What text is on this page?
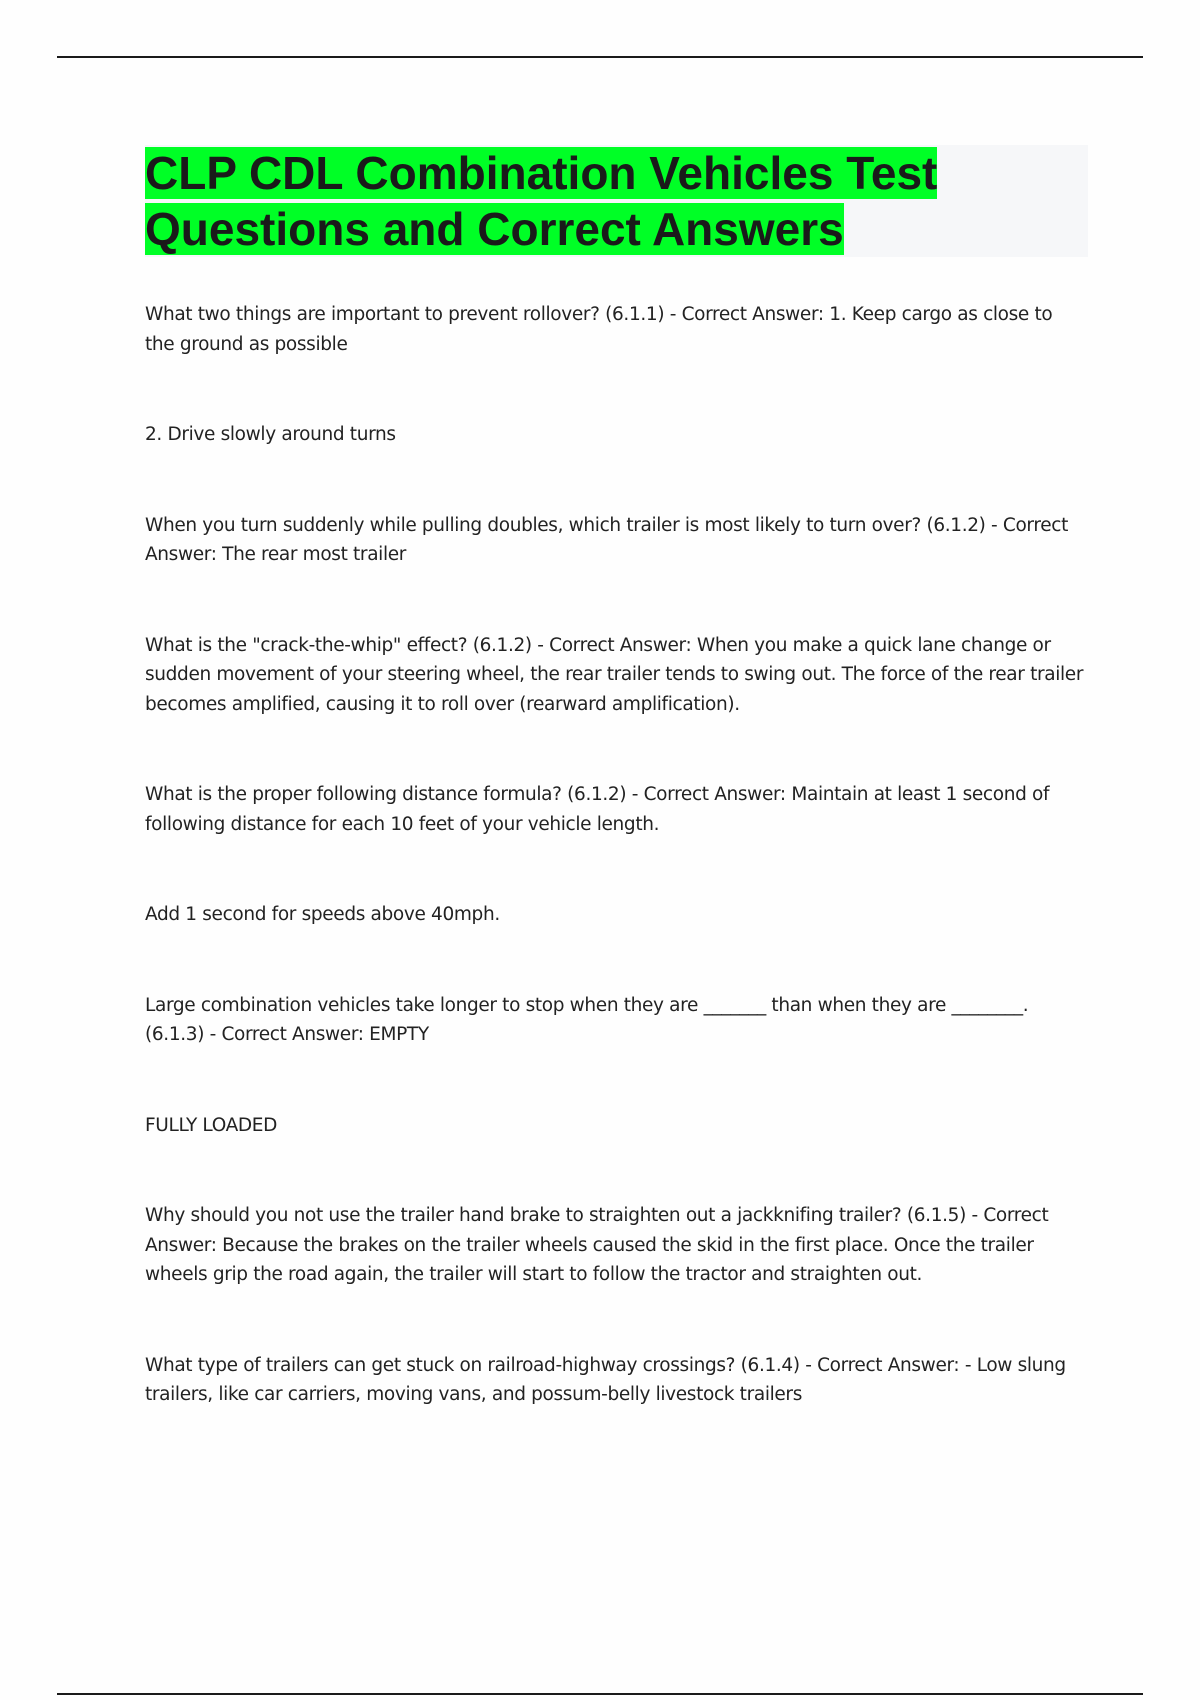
CLP CDL Combination Vehicles Test Questions and Correct Answers

What two things are important to prevent rollover? (6.1.1) - Correct Answer: 1. Keep cargo as close to the ground as possible

2. Drive slowly around turns

When you turn suddenly while pulling doubles, which trailer is most likely to turn over? (6.1.2) - Correct Answer: The rear most trailer

What is the "crack-the-whip" effect? (6.1.2) - Correct Answer: When you make a quick lane change or sudden movement of your steering wheel, the rear trailer tends to swing out. The force of the rear trailer becomes amplified, causing it to roll over (rearward amplification).

What is the proper following distance formula? (6.1.2) - Correct Answer: Maintain at least 1 second of following distance for each 10 feet of your vehicle length.

Add 1 second for speeds above 40mph.

Large combination vehicles take longer to stop when they are _______ than when they are ________. (6.1.3) - Correct Answer: EMPTY

FULLY LOADED

Why should you not use the trailer hand brake to straighten out a jackknifing trailer? (6.1.5) - Correct Answer: Because the brakes on the trailer wheels caused the skid in the first place. Once the trailer wheels grip the road again, the trailer will start to follow the tractor and straighten out.

What type of trailers can get stuck on railroad-highway crossings? (6.1.4) - Correct Answer: - Low slung trailers, like car carriers, moving vans, and possum-belly livestock trailers
